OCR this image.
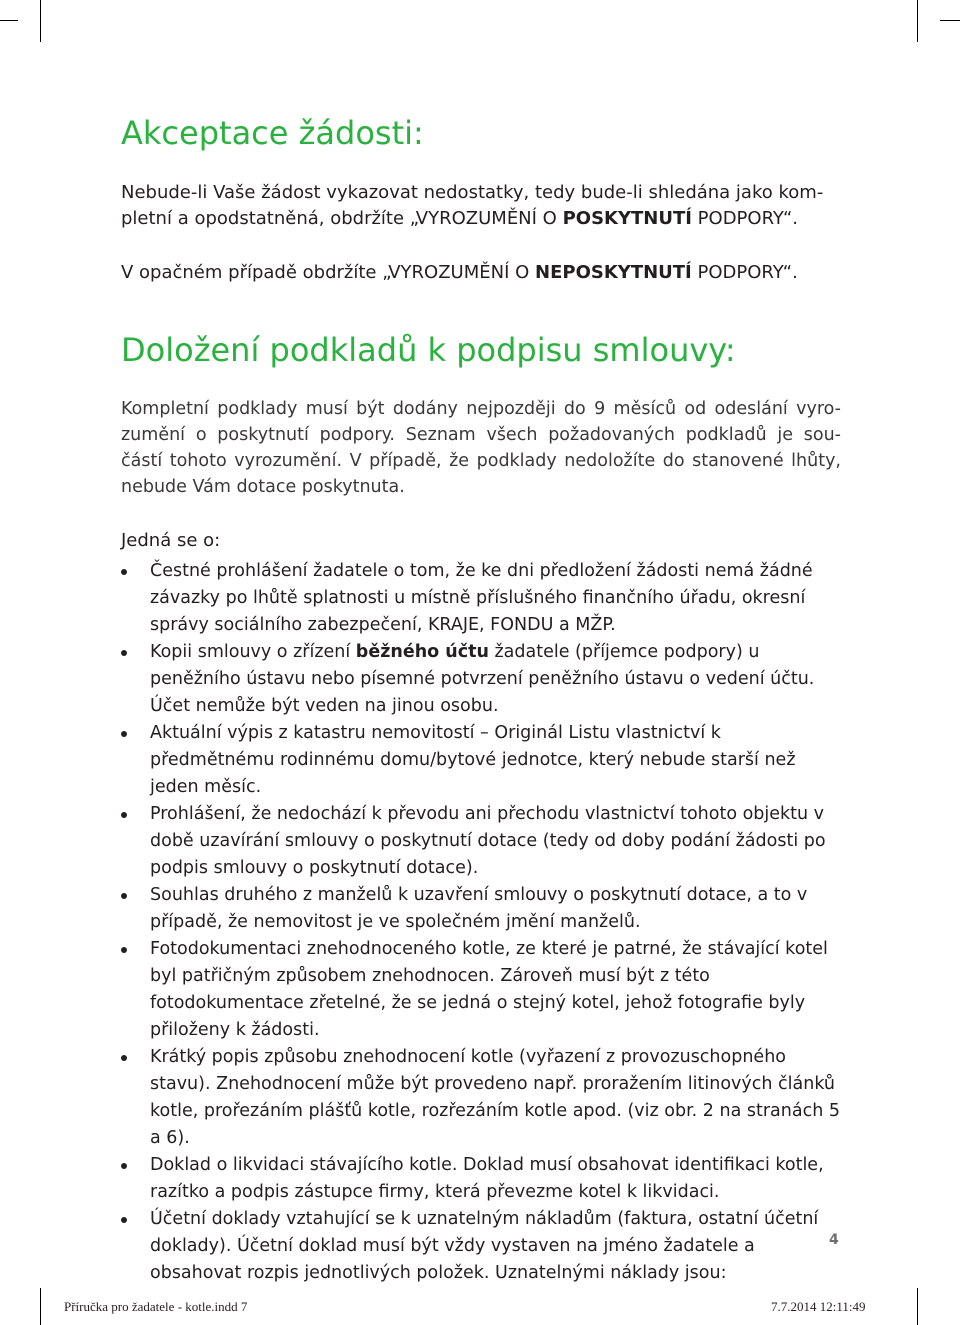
Akceptace žádosti:

Nebude-li Vaše žádost vykazovat nedostatky, tedy bude-li shledána jako kom-
pletní a opodstatněná, obdržíte „VYROZUMĚNÍ O POSKYTNUTÍ PODPORY“.

V opačném případě obdržíte „VYROZUMĚNÍ O NEPOSKYTNUTÍ PODPORY“.

Doložení podkladů k podpisu smlouvy:

Kompletní podklady musí být dodány nejpozději do 9 měsíců od odeslání vyro-
zumění o poskytnutí podpory. Seznam všech požadovaných podkladů je sou-
částí tohoto vyrozumění. V případě, že podklady nedoložíte do stanovené lhůty,
nebude Vám dotace poskytnuta.

Jedná se o:

Čestné prohlášení žadatele o tom, že ke dni předložení žádosti nemá žádné závazky po lhůtě splatnosti u místně příslušného finančního úřadu, okresní správy sociálního zabezpečení, KRAJE, FONDU a MŽP.
Kopii smlouvy o zřízení běžného účtu žadatele (příjemce podpory) u peněžního ústavu nebo písemné potvrzení peněžního ústavu o vedení účtu. Účet nemůže být veden na jinou osobu.
Aktuální výpis z katastru nemovitostí – Originál Listu vlastnictví k předmětnému rodinnému domu/bytové jednotce, který nebude starší než jeden měsíc.
Prohlášení, že nedochází k převodu ani přechodu vlastnictví tohoto objektu v době uzavírání smlouvy o poskytnutí dotace (tedy od doby podání žádosti po podpis smlouvy o poskytnutí dotace).
Souhlas druhého z manželů k uzavření smlouvy o poskytnutí dotace, a to v případě, že nemovitost je ve společném jmění manželů.
Fotodokumentaci znehodnoceného kotle, ze které je patrné, že stávající kotel byl patřičným způsobem znehodnocen. Zároveň musí být z této fotodokumentace zřetelné, že se jedná o stejný kotel, jehož fotografie byly přiloženy k žádosti.
Krátký popis způsobu znehodnocení kotle (vyřazení z provozuschopného stavu). Znehodnocení může být provedeno např. proražením litinových článků kotle, prořezáním plášťů kotle, rozřezáním kotle apod. (viz obr. 2 na stranách 5 a 6).
Doklad o likvidaci stávajícího kotle. Doklad musí obsahovat identifikaci kotle, razítko a podpis zástupce firmy, která převezme kotel k likvidaci.
Účetní doklady vztahující se k uznatelným nákladům (faktura, ostatní účetní doklady). Účetní doklad musí být vždy vystaven na jméno žadatele a obsahovat rozpis jednotlivých položek. Uznatelnými náklady jsou:
4
Příručka pro žadatele - kotle.indd 7	7.7.2014 12:11:49
